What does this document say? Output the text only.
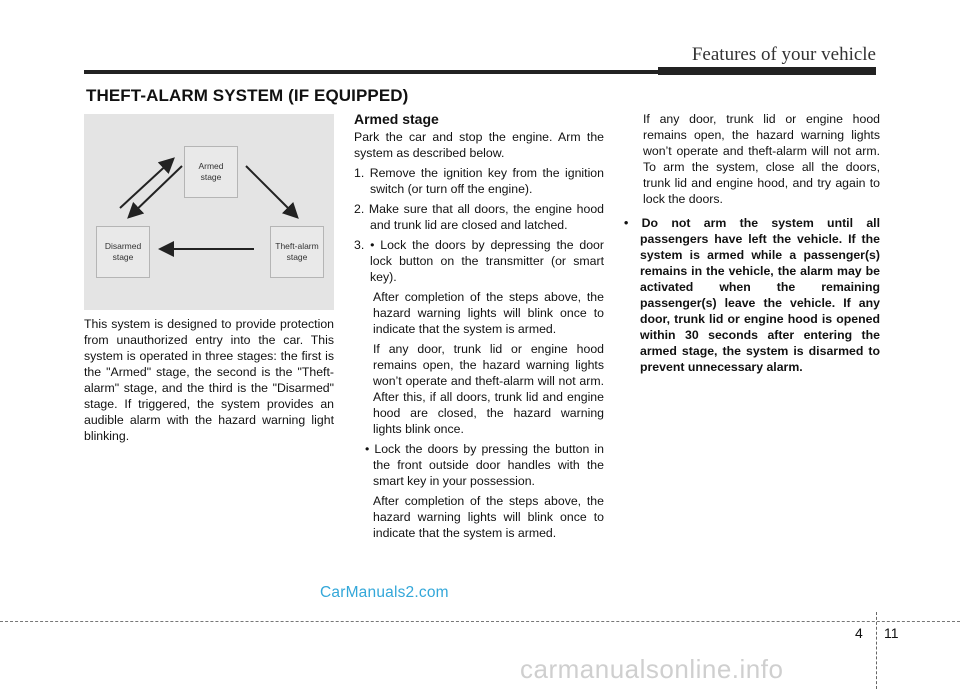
Features of your vehicle
THEFT-ALARM SYSTEM (IF EQUIPPED)
Armed
stage
Theft-alarm
stage
Disarmed
stage

This system is designed to provide protection from unauthorized entry into the car. This system is operated in three stages: the first is the "Armed" stage, the second is the "Theft-alarm" stage, and the third is the "Disarmed" stage. If triggered, the system provides an audible alarm with the hazard warning light blinking.

Armed stage

Park the car and stop the engine. Arm the system as described below.

1. Remove the ignition key from the ignition switch (or turn off the engine).

2. Make sure that all doors, the engine hood and trunk lid are closed and latched.

3. • Lock the doors by depressing the door lock button on the transmitter (or smart key).

After completion of the steps above, the hazard warning lights will blink once to indicate that the system is armed.

If any door, trunk lid or engine hood remains open, the hazard warning lights won’t operate and theft-alarm will not arm. After this, if all doors, trunk lid and engine hood are closed, the hazard warning lights blink once.

• Lock the doors by pressing the button in the front outside door handles with the smart key in your possession.

After completion of the steps above, the hazard warning lights will blink once to indicate that the system is armed.

If any door, trunk lid or engine hood remains open, the hazard warning lights won’t operate and theft-alarm will not arm. To arm the system, close all the doors, trunk lid and engine hood, and try again to lock the doors.

• Do not arm the system until all passengers have left the vehicle. If the system is armed while a passenger(s) remains in the vehicle, the alarm may be activated when the remaining passenger(s) leave the vehicle. If any door, trunk lid or engine hood is opened within 30 seconds after entering the armed stage, the system is disarmed to prevent unnecessary alarm.

CarManuals2.com
4 11
carmanualsonline.info
